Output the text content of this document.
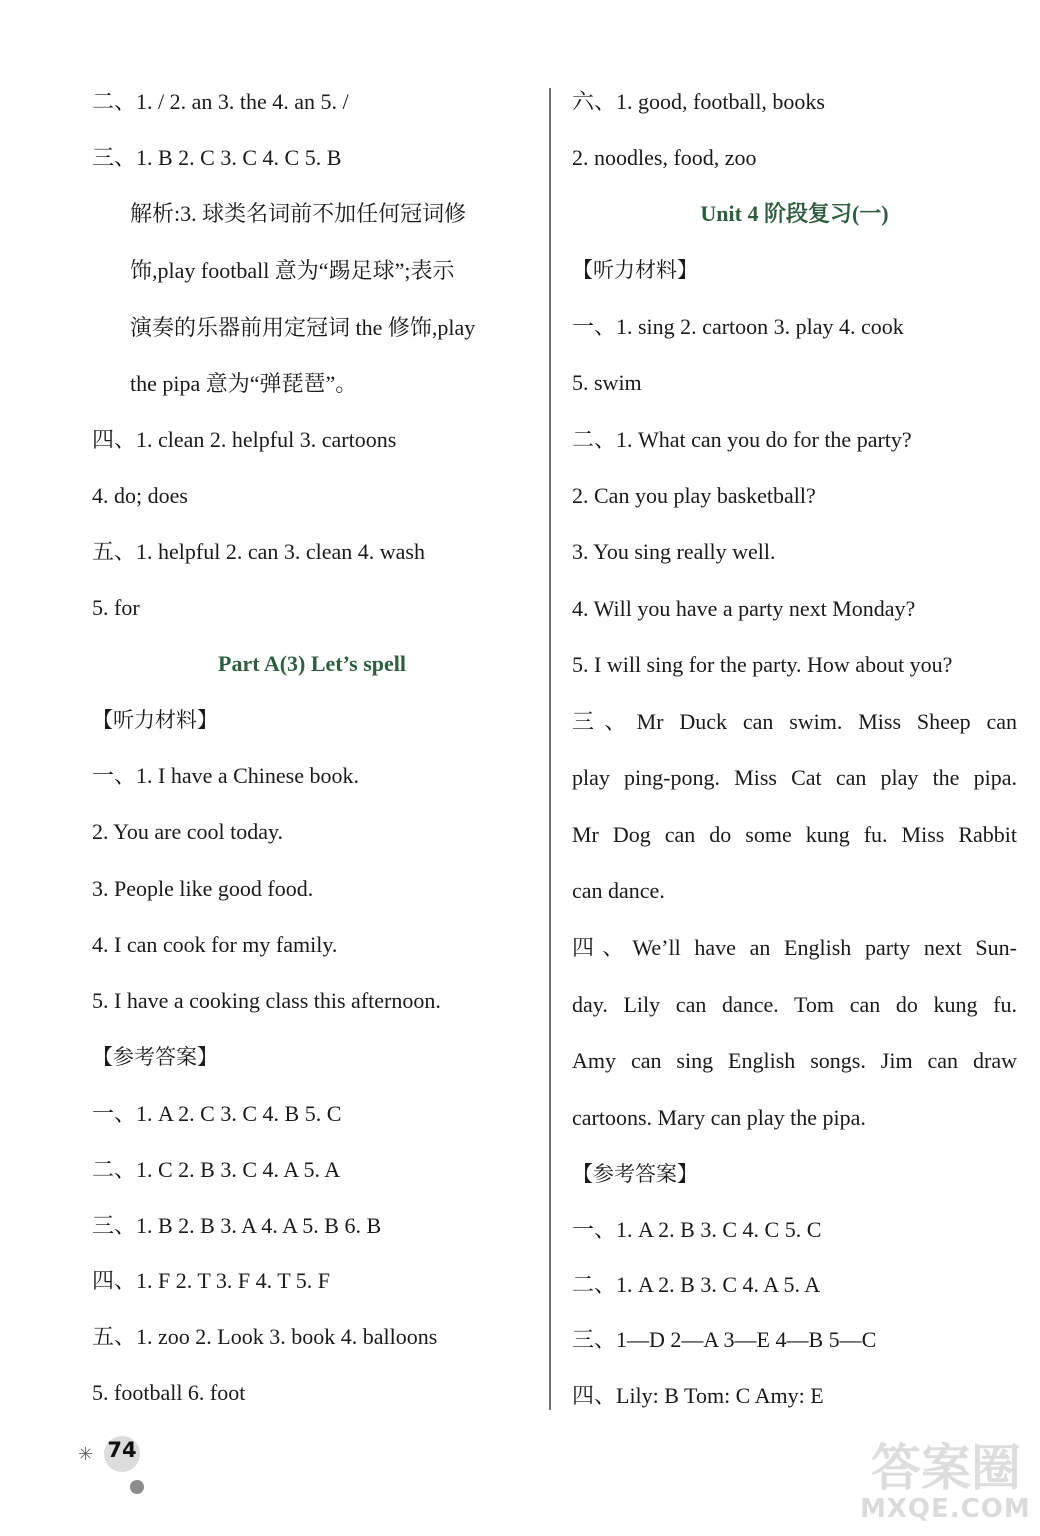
二、1. / 2. an 3. the 4. an 5. /
三、1. B 2. C 3. C 4. C 5. B
解析:3. 球类名词前不加任何冠词修
饰,play football 意为“踢足球”;表示
演奏的乐器前用定冠词 the 修饰,play
the pipa 意为“弹琵琶”。
四、1. clean 2. helpful 3. cartoons
4. do; does
五、1. helpful 2. can 3. clean 4. wash
5. for
Part A(3) Let’s spell
【听力材料】
一、1. I have a Chinese book.
2. You are cool today.
3. People like good food.
4. I can cook for my family.
5. I have a cooking class this afternoon.
【参考答案】
一、1. A 2. C 3. C 4. B 5. C
二、1. C 2. B 3. C 4. A 5. A
三、1. B 2. B 3. A 4. A 5. B 6. B
四、1. F 2. T 3. F 4. T 5. F
五、1. zoo 2. Look 3. book 4. balloons
5. football 6. foot
六、1. good, football, books
2. noodles, food, zoo
Unit 4 阶段复习(一)
【听力材料】
一、1. sing 2. cartoon 3. play 4. cook
5. swim
二、1. What can you do for the party?
2. Can you play basketball?
3. You sing really well.
4. Will you have a party next Monday?
5. I will sing for the party. How about you?
三、Mr Duck can swim. Miss Sheep can
play ping-pong. Miss Cat can play the pipa.
Mr Dog can do some kung fu. Miss Rabbit
can dance.
四、We’ll have an English party next Sun-
day. Lily can dance. Tom can do kung fu.
Amy can sing English songs. Jim can draw
cartoons. Mary can play the pipa.
【参考答案】
一、1. A 2. B 3. C 4. C 5. C
二、1. A 2. B 3. C 4. A 5. A
三、1—D 2—A 3—E 4—B 5—C
四、Lily: B Tom: C Amy: E
✳ 74	答案圈
MXQE.COM
